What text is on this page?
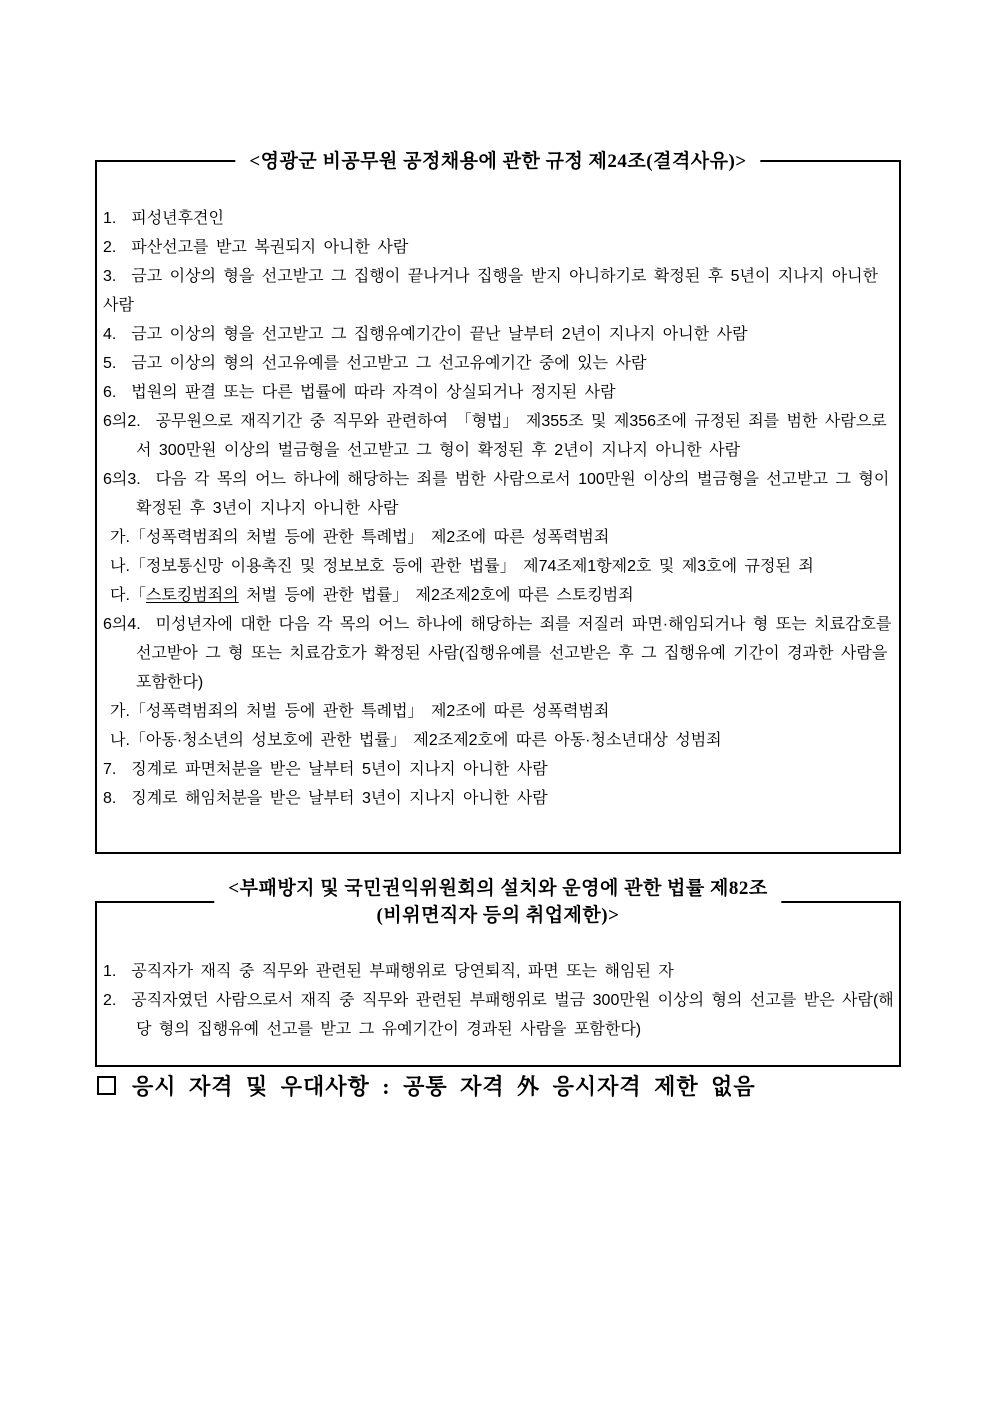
<영광군 비공무원 공정채용에 관한 규정 제24조(결격사유)>
1.  피성년후견인
2.  파산선고를 받고 복권되지 아니한 사람
3.  금고 이상의 형을 선고받고 그 집행이 끝나거나 집행을 받지 아니하기로 확정된 후 5년이 지나지 아니한 사람
4.  금고 이상의 형을 선고받고 그 집행유예기간이 끝난 날부터 2년이 지나지 아니한 사람
5.  금고 이상의 형의 선고유예를 선고받고 그 선고유예기간 중에 있는 사람
6.  법원의 판결 또는 다른 법률에 따라 자격이 상실되거나 정지된 사람
6의2.  공무원으로 재직기간 중 직무와 관련하여 「형법」 제355조 및 제356조에 규정된 죄를 범한 사람으로서 300만원 이상의 벌금형을 선고받고 그 형이 확정된 후 2년이 지나지 아니한 사람
6의3.  다음 각 목의 어느 하나에 해당하는 죄를 범한 사람으로서 100만원 이상의 벌금형을 선고받고 그 형이 확정된 후 3년이 지나지 아니한 사람
가.「성폭력범죄의 처벌 등에 관한 특례법」 제2조에 따른 성폭력범죄
나.「정보통신망 이용촉진 및 정보보호 등에 관한 법률」 제74조제1항제2호 및 제3호에 규정된 죄
다.「스토킹범죄의 처벌 등에 관한 법률」 제2조제2호에 따른 스토킹범죄
6의4.  미성년자에 대한 다음 각 목의 어느 하나에 해당하는 죄를 저질러 파면·해임되거나 형 또는 치료감호를 선고받아 그 형 또는 치료감호가 확정된 사람(집행유예를 선고받은 후 그 집행유예 기간이 경과한 사람을 포함한다)
가.「성폭력범죄의 처벌 등에 관한 특례법」 제2조에 따른 성폭력범죄
나.「아동·청소년의 성보호에 관한 법률」 제2조제2호에 따른 아동·청소년대상 성범죄
7.  징계로 파면처분을 받은 날부터 5년이 지나지 아니한 사람
8.  징계로 해임처분을 받은 날부터 3년이 지나지 아니한 사람
<부패방지 및 국민권익위원회의 설치와 운영에 관한 법률 제82조
(비위면직자 등의 취업제한)>
1.  공직자가 재직 중 직무와 관련된 부패행위로 당연퇴직, 파면 또는 해임된 자
2.  공직자였던 사람으로서 재직 중 직무와 관련된 부패행위로 벌금 300만원 이상의 형의 선고를 받은 사람(해당 형의 집행유예 선고를 받고 그 유예기간이 경과된 사람을 포함한다)
응시 자격 및 우대사항 : 공통 자격 外 응시자격 제한 없음
